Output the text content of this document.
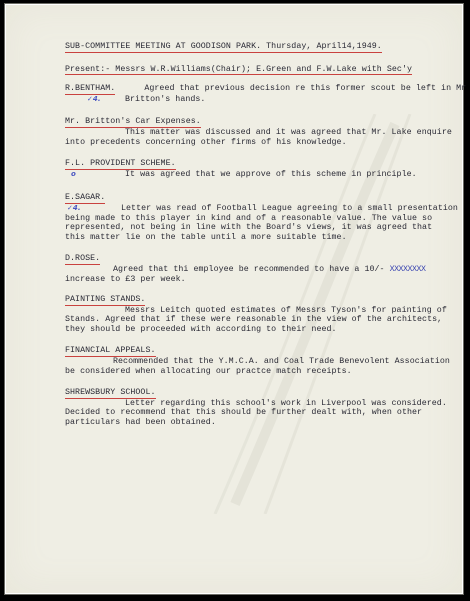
SUB-COMMITTEE MEETING AT GOODISON PARK. Thursday, April14,1949. Present:- Messrs W.R.Williams(Chair); E.Green and F.W.Lake with Sec'y
R.BENTHAM.	Agreed that previous decision re this former scout be left in Mr
✓4.	Britton's hands.
Mr. Britton's Car Expenses.
This matter was discussed and it was agreed that Mr. Lake enquire
into precedents concerning other firms of his knowledge.
F.L. PROVIDENT SCHEME.
o	It was agreed that we approve of this scheme in principle.
E.SAGAR.
✓4.	Letter was read of Football League agreeing to a small presentation
being made to this player in kind and of a reasonable value. The value so
represented, not being in line with the Board's views, it was agreed that
this matter lie on the table until a more suitable time.
D.ROSE.
Agreed that thi employee be recommended to have a 10/- XXXXXXXX
increase to £3 per week.
PAINTING STANDS.
Messrs Leitch quoted estimates of Messrs Tyson's for painting of
Stands. Agreed that if these were reasonable in the view of the architects,
they should be proceeded with according to their need.
FINANCIAL APPEALS.
Recommended that the Y.M.C.A. and Coal Trade Benevolent Association
be considered when allocating our practce match receipts.
SHREWSBURY SCHOOL.
Letter regarding this school's work in Liverpool was considered.
Decided to recommend that this should be further dealt with, when other
particulars had been obtained.
